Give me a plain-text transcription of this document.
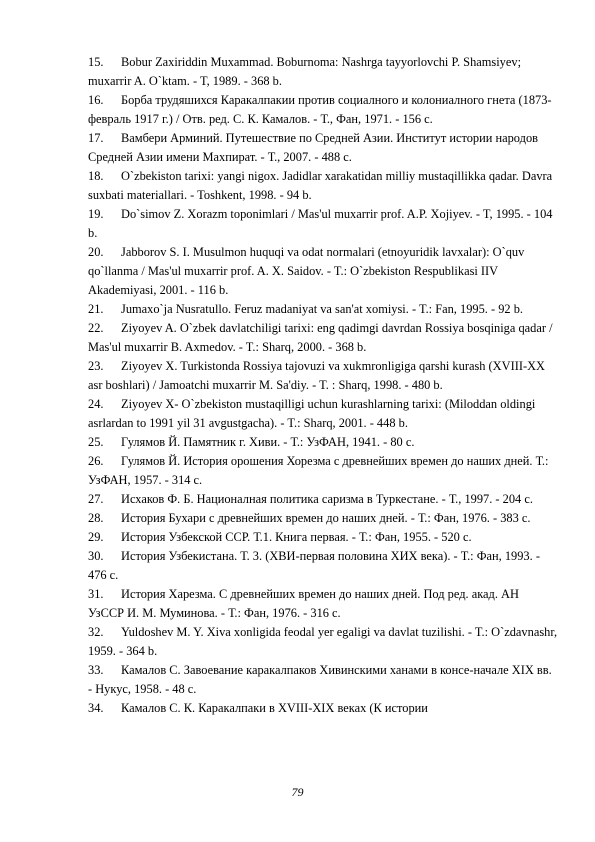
15. Bobur Zaxiriddin Muxammad. Boburnoma: Nashrga tayyorlovchi P. Shamsiyev; muxarrir A. O`ktam. - T, 1989. - 368 b.

16. Борба трудяшихся Каракалпакии против социалного и колониалного гнета (1873-февраль 1917 г.) / Отв. ред. С. К. Камалов. - Т., Фан, 1971. - 156 с.

17. Вамбери Арминий. Путешествие по Средней Азии. Институт истории народов Средней Азии имени Махпират. - Т., 2007. - 488 с.

18. O`zbekiston tarixi: yangi nigox. Jadidlar xarakatidan milliy mustaqillikka qadar. Davra suxbati materiallari. - Toshkent, 1998. - 94 b.

19. Do`simov Z. Xorazm toponimlari / Mas'ul muxarrir prof. A.P. Xojiyev. - T, 1995. - 104 b.

20. Jabborov S. I. Musulmon huquqi va odat normalari (etnoyuridik lavxalar): O`quv qo`llanma / Mas'ul muxarrir prof. A. X. Saidov. - T.: O`zbekiston Respublikasi IIV Akademiyasi, 2001. - 116 b.

21. Jumaxo`ja Nusratullo. Feruz madaniyat va san'at xomiysi. - T.: Fan, 1995. - 92 b.

22. Ziyoyev A. O`zbek davlatchiligi tarixi: eng qadimgi davrdan Rossiya bosqiniga qadar / Mas'ul muxarrir B. Axmedov. - T.: Sharq, 2000. - 368 b.

23. Ziyoyev X. Turkistonda Rossiya tajovuzi va xukmronligiga qarshi kurash (XVIII-XX asr boshlari) / Jamoatchi muxarrir M. Sa'diy. - T. : Sharq, 1998. - 480 b.

24. Ziyoyev X- O`zbekiston mustaqilligi uchun kurashlarning tarixi: (Miloddan oldingi asrlardan to 1991 yil 31 avgustgacha). - T.: Sharq, 2001. - 448 b.

25. Гулямов Й. Памятник г. Хиви. - Т.: УзФАН, 1941. - 80 с.

26. Гулямов Й. История орошения Хорезма с древнейших времен до наших дней. Т.: УзФАН, 1957. - 314 с.

27. Исхаков Ф. Б. Националная политика саризма в Туркестане. - Т., 1997. - 204 с.

28. История Бухари с древнейших времен до наших дней. - Т.: Фан, 1976. - 383 с.

29. История Узбекской ССР. Т.1. Книга первая. - Т.: Фан, 1955. - 520 с.

30. История Узбекистана. Т. 3. (ХВИ-первая половина ХИХ века). - Т.: Фан, 1993. - 476 с.

31. История Харезма. С древнейших времен до наших дней. Под ред. акад. АН УзССР И. М. Муминова. - Т.: Фан, 1976. - 316 с.

32. Yuldoshev M. Y. Xiva xonligida feodal yer egaligi va davlat tuzilishi. - T.: O`zdavnashr, 1959. - 364 b.

33. Камалов С. Завоевание каракалпаков Хивинскими ханами в консе-начале XIX вв. - Нукус, 1958. - 48 с.

34. Камалов С. К. Каракалпаки в XVIII-XIX веках (К истории

79
